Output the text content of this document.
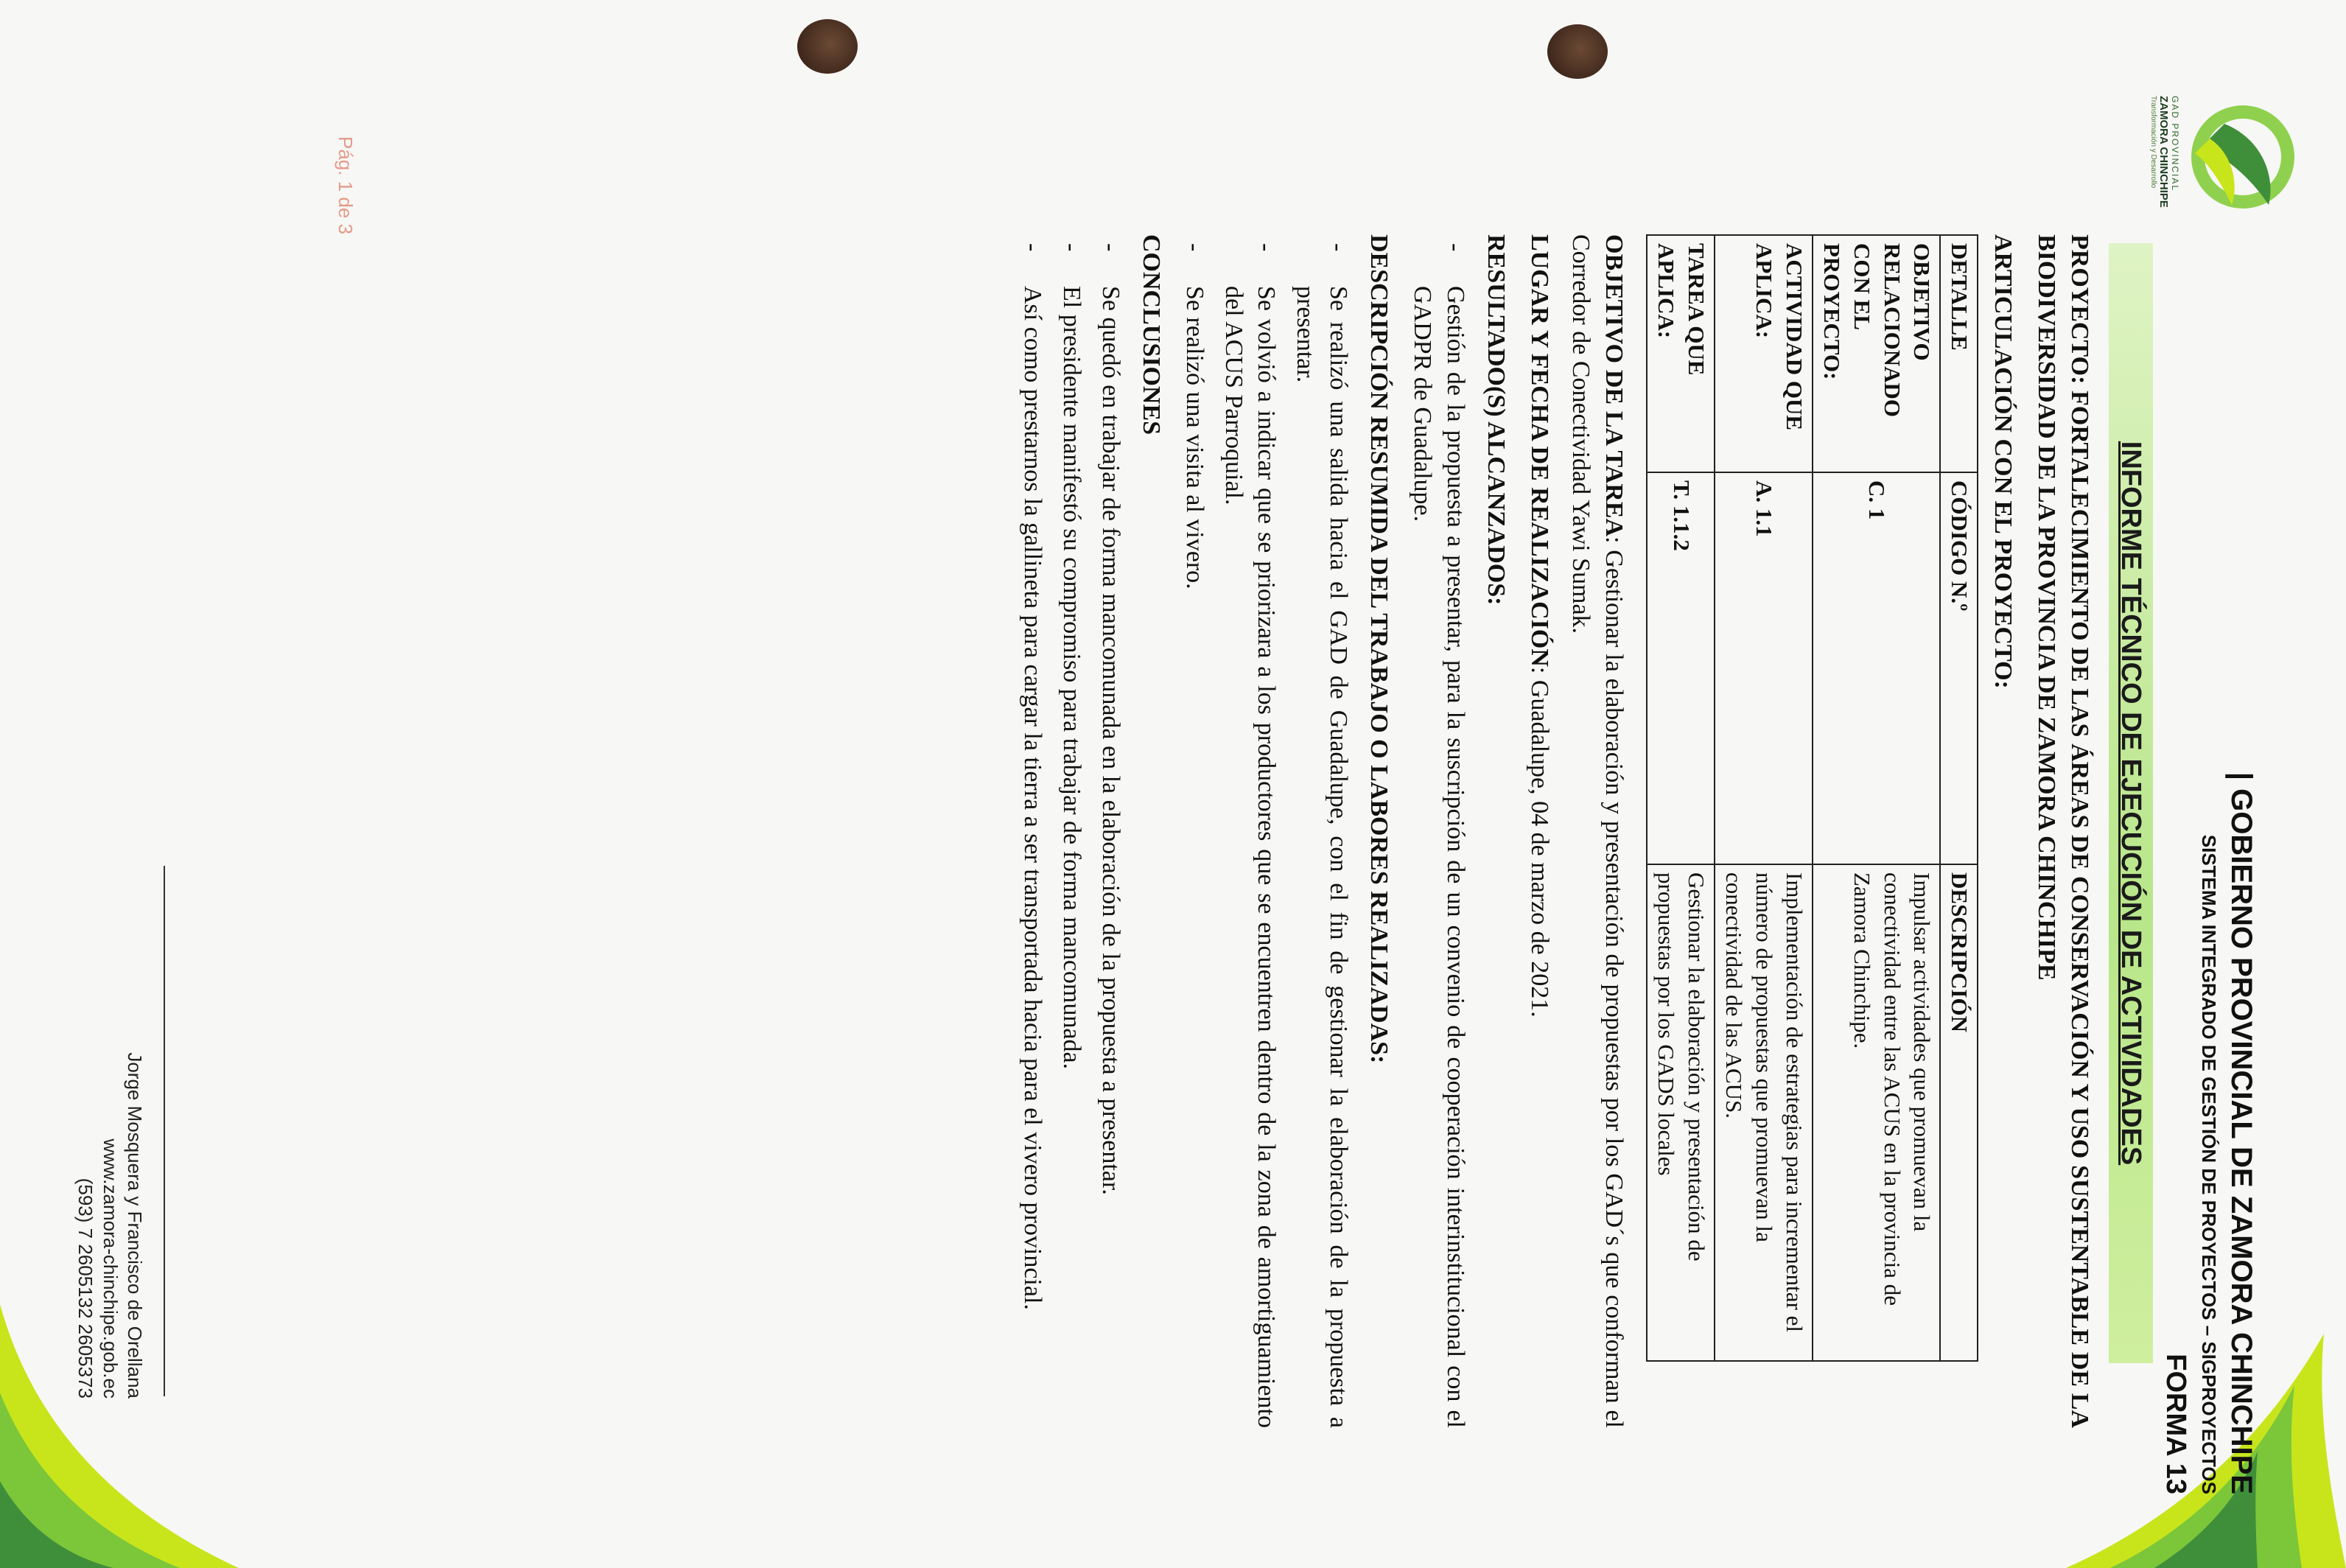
GAD PROVINCIAL
ZAMORA CHINCHIPE
Transformación y Desarrollo
| GOBIERNO PROVINCIAL DE ZAMORA CHINCHIPE
SISTEMA INTEGRADO DE GESTIÓN DE PROYECTOS – SIGPROYECTOS
FORMA 13
INFORME TÉCNICO DE EJECUCIÓN DE ACTIVIDADES

PROYECTO: FORTALECIMIENTO DE LAS ÁREAS DE CONSERVACIÓN Y USO SUSTENTABLE DE LA BIODIVERSIDAD DE LA PROVINCIA DE ZAMORA CHINCHIPE

ARTICULACIÓN CON EL PROYECTO:
DETALLE	CÓDIGO N.º	DESCRIPCIÓN
OBJETIVO RELACIONADO CON EL PROYECTO:	C. 1	Impulsar actividades que promuevan la conectividad entre las ACUS en la provincia de Zamora Chinchipe.
ACTIVIDAD QUE APLICA:	A. 1.1	Implementación de estrategias para incrementar el número de propuestas que promuevan la conectividad de las ACUS.
TAREA QUE APLICA:	T. 1.1.2	Gestionar la elaboración y presentación de propuestas por los GADS locales

OBJETIVO DE LA TAREA: Gestionar la elaboración y presentación de propuestas por los GAD´s que conforman el Corredor de Conectividad Yawi Sumak.

LUGAR Y FECHA DE REALIZACIÓN: Guadalupe, 04 de marzo de 2021.

RESULTADO(S) ALCANZADOS:
- Gestión de la propuesta a presentar, para la suscripción de un convenio de cooperación interinstitucional con el GADPR de Guadalupe.
DESCRIPCIÓN RESUMIDA DEL TRABAJO O LABORES REALIZADAS:
- Se realizó una salida hacia el GAD de Guadalupe, con el fin de gestionar la elaboración de la propuesta a presentar.
- Se volvió a indicar que se priorizara a los productores que se encuentren dentro de la zona de amortiguamiento del ACUS Parroquial.
- Se realizó una visita al vivero.
CONCLUSIONES
- Se quedó en trabajar de forma mancomunada en la elaboración de la propuesta a presentar.
- El presidente manifestó su compromiso para trabajar de forma mancomunada.
- Así como prestarnos la gallineta para cargar la tierra a ser transportada hacia para el vivero provincial.
Pág. 1 de 3
Jorge Mosquera y Francisco de Orellana
www.zamora-chinchipe.gob.ec
(593) 7 2605132 2605373
